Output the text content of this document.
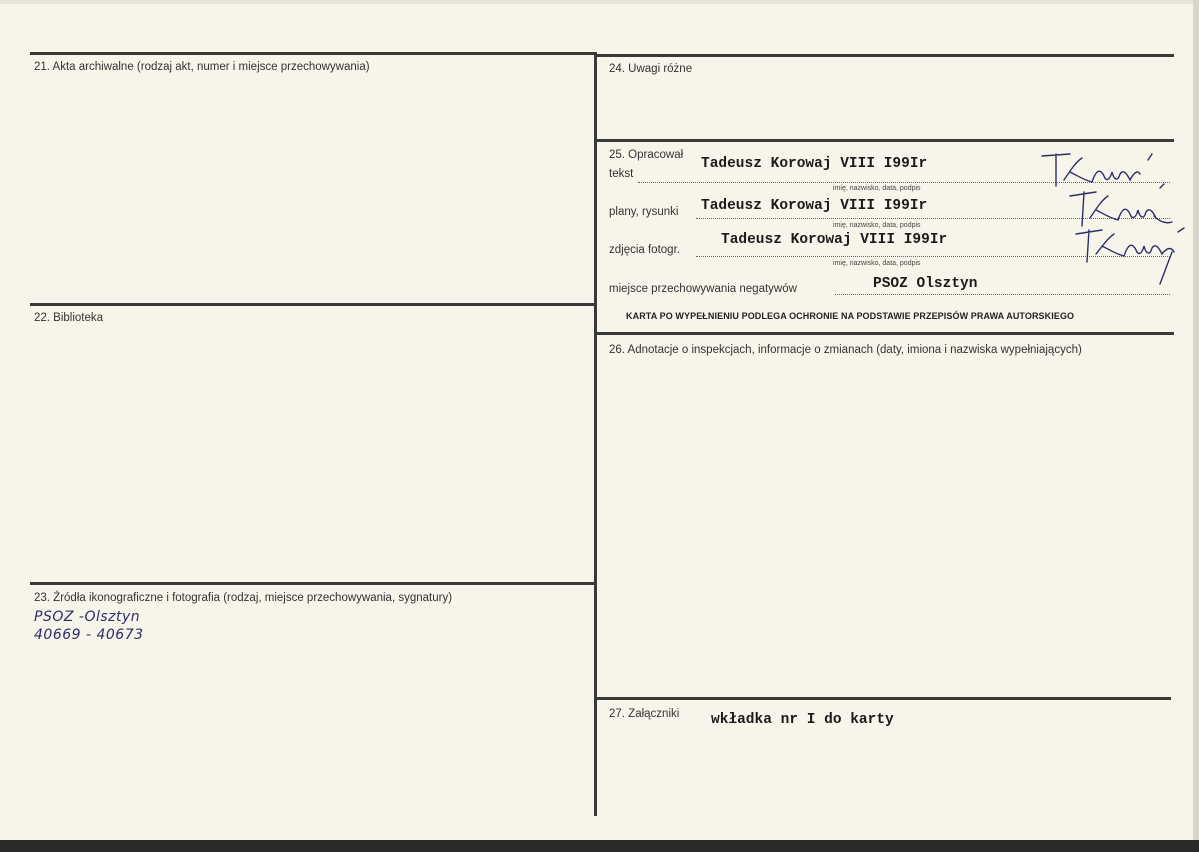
21. Akta archiwalne (rodzaj akt, numer i miejsce przechowywania)
22. Biblioteka
23. Źródła ikonograficzne i fotografia (rodzaj, miejsce przechowywania, sygnatury)
PSOZ -Olsztyn
40669 - 40673
24. Uwagi różne
25. Opracował
tekst
Tadeusz Korowaj VIII I99Ir
imię, nazwisko, data, podpis
plany, rysunki Tadeusz Korowaj VIII I99Ir
imię, nazwisko, data, podpis
zdjęcia fotogr.
Tadeusz Korowaj VIII I99Ir
imię, nazwisko, data, podpis
miejsce przechowywania negatywów	PSOZ Olsztyn
KARTA PO WYPEŁNIENIU PODLEGA OCHRONIE NA PODSTAWIE PRZEPISÓW PRAWA AUTORSKIEGO
26. Adnotacje o inspekcjach, informacje o zmianach (daty, imiona i nazwiska wypełniających)
27. Załączniki wkładka nr I do karty
